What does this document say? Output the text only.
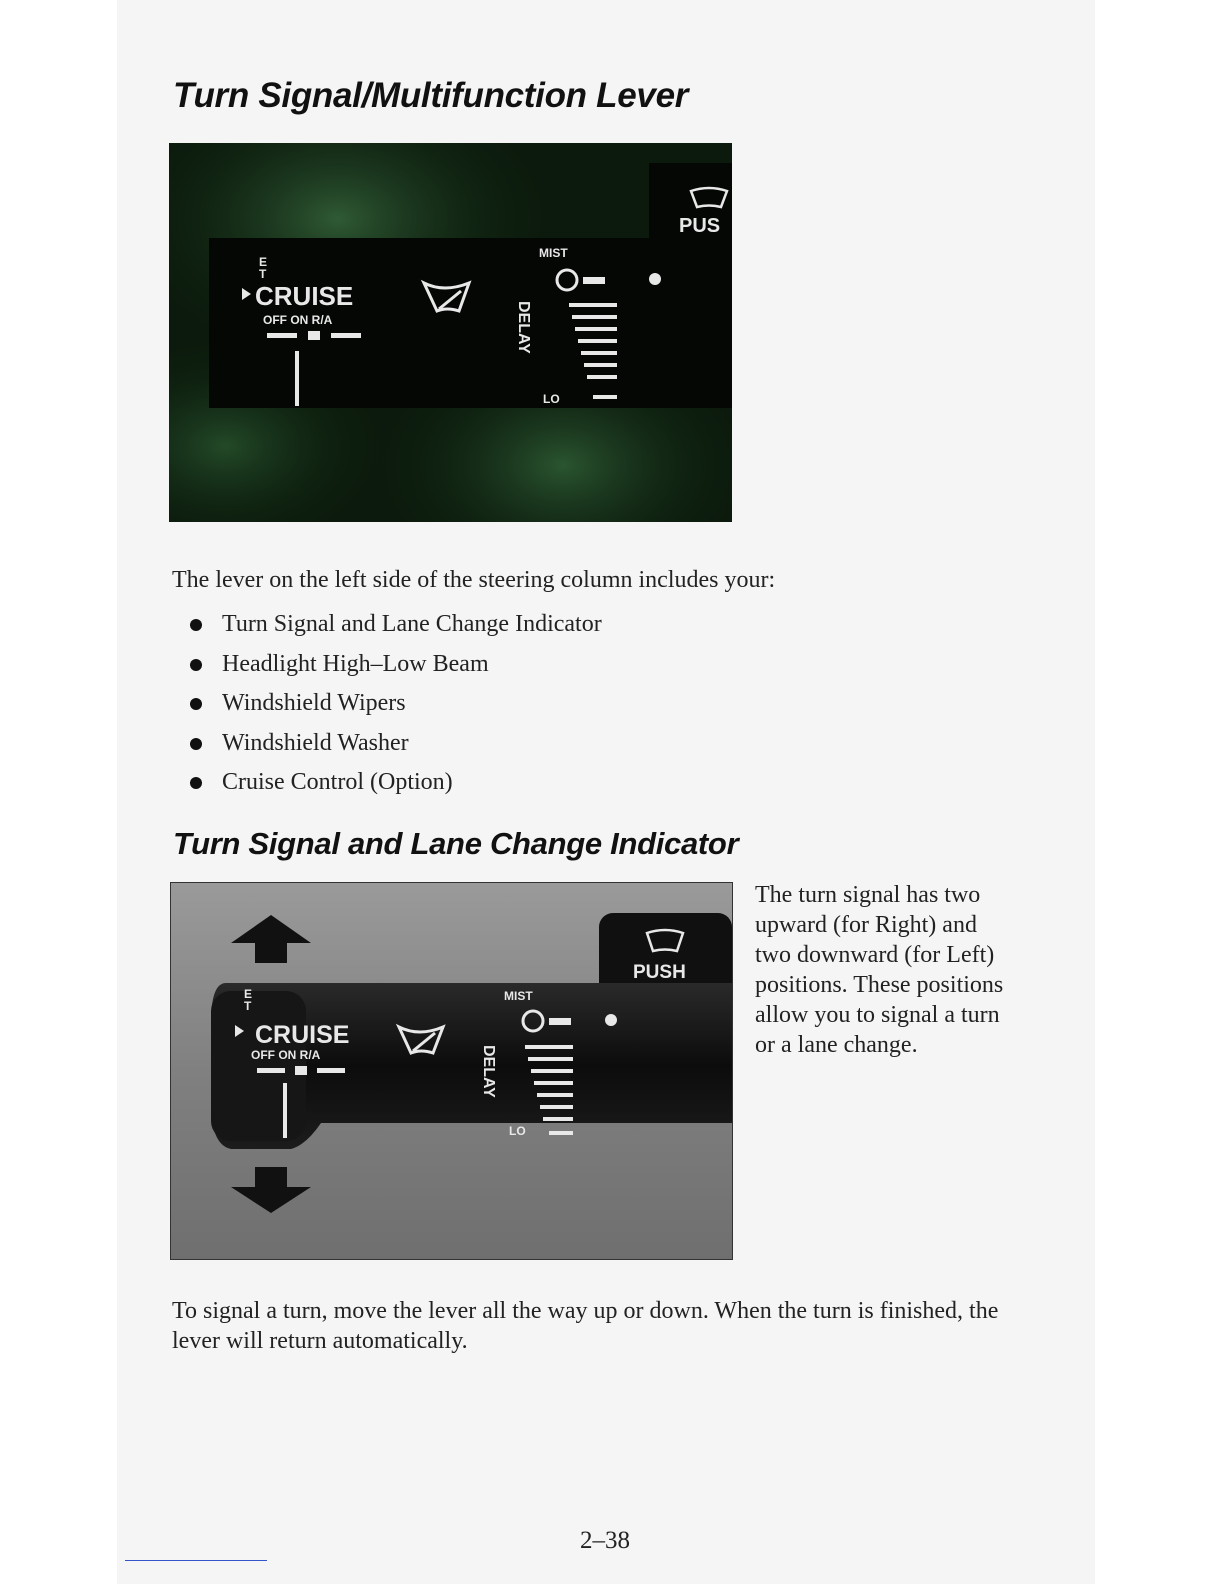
Turn Signal/Multifunction Lever
E
T
CRUISE
OFF ON R/A
MIST
DELAY
LO
PUS

The lever on the left side of the steering column includes your:

Turn Signal and Lane Change Indicator
Headlight High–Low Beam
Windshield Wipers
Windshield Washer
Cruise Control (Option)
Turn Signal and Lane Change Indicator
E
T
CRUISE
OFF ON R/A
MIST
DELAY
LO
PUSH

The turn signal has two upward (for Right) and two downward (for Left) positions. These positions allow you to signal a turn or a lane change.

To signal a turn, move the lever all the way up or down. When the turn is finished, the lever will return automatically.

2–38
